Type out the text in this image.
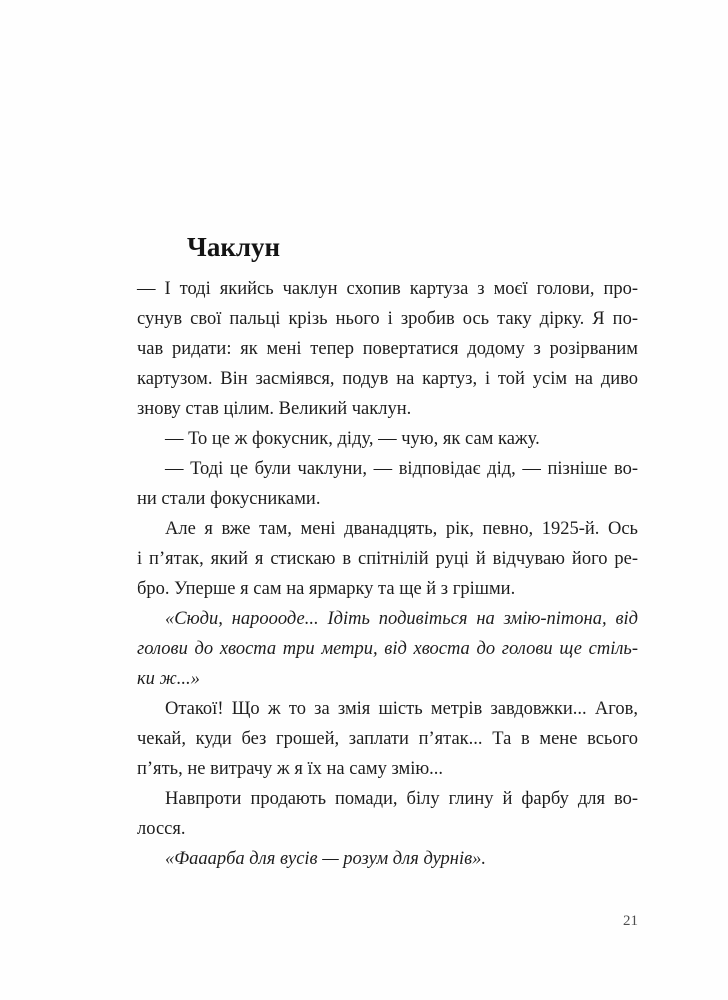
Чаклун
— І тоді якийсь чаклун схопив картуза з моєї голови, про-
сунув свої пальці крізь нього і зробив ось таку дірку. Я по-
чав ридати: як мені тепер повертатися додому з розірваним
картузом. Він засміявся, подув на картуз, і той усім на диво
знову став цілим. Великий чаклун.
— То це ж фокусник, діду, — чую, як сам кажу.
— Тоді це були чаклуни, — відповідає дід, — пізніше во-
ни стали фокусниками.
Але я вже там, мені дванадцять, рік, певно, 1925-й. Ось
і п’ятак, який я стискаю в спітнілій руці й відчуваю його ре-
бро. Уперше я сам на ярмарку та ще й з грішми.
«Сюди, нароооде... Ідіть подивіться на змію-пітона, від
голови до хвоста три метри, від хвоста до голови ще стіль-
ки ж...»
Отакої! Що ж то за змія шість метрів завдовжки... Агов,
чекай, куди без грошей, заплати п’ятак... Та в мене всього
п’ять, не витрачу ж я їх на саму змію...
Навпроти продають помади, білу глину й фарбу для во-
лосся.
«Фааарба для вусів — розум для дурнів».
21
